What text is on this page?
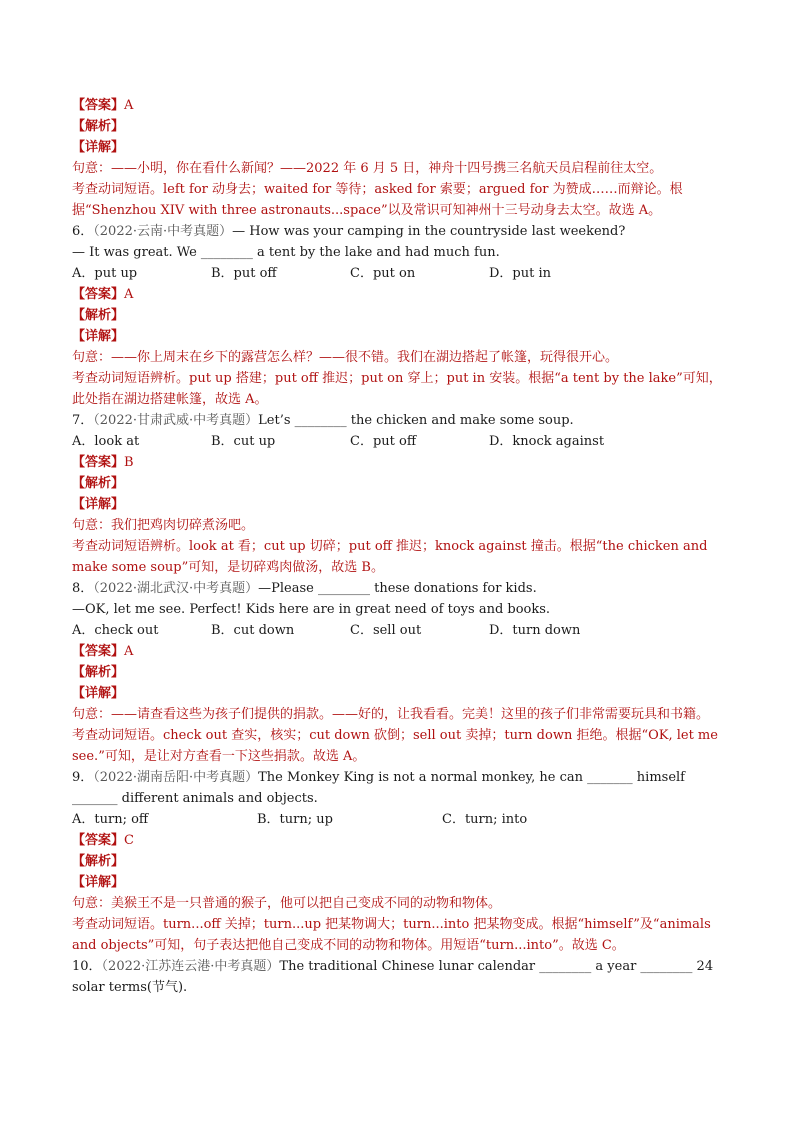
【答案】A
【解析】
【详解】
句意：——小明，你在看什么新闻？——2022 年 6 月 5 日，神舟十四号携三名航天员启程前往太空。
考查动词短语。left for 动身去；waited for 等待；asked for 索要；argued for 为赞成……而辩论。根据“Shenzhou XIV with three astronauts...space”以及常识可知神州十三号动身去太空。故选 A。
6．（2022·云南·中考真题）— How was your camping in the countryside last weekend?
— It was great. We ________ a tent by the lake and had much fun.
A．put up	B．put off	C．put on	D．put in
【答案】A
【解析】
【详解】
句意：——你上周末在乡下的露营怎么样？——很不错。我们在湖边搭起了帐篷，玩得很开心。
考查动词短语辨析。put up 搭建；put off 推迟；put on 穿上；put in 安装。根据“a tent by the lake”可知，此处指在湖边搭建帐篷，故选 A。
7．（2022·甘肃武威·中考真题）Let’s ________ the chicken and make some soup.
A．look at	B．cut up	C．put off	D．knock against
【答案】B
【解析】
【详解】
句意：我们把鸡肉切碎煮汤吧。
考查动词短语辨析。look at 看；cut up 切碎；put off 推迟；knock against 撞击。根据“the chicken and make some soup”可知，是切碎鸡肉做汤，故选 B。
8．（2022·湖北武汉·中考真题）—Please ________ these donations for kids.
—OK, let me see. Perfect! Kids here are in great need of toys and books.
A．check out	B．cut down	C．sell out	D．turn down
【答案】A
【解析】
【详解】
句意：——请查看这些为孩子们提供的捐款。——好的，让我看看。完美！这里的孩子们非常需要玩具和书籍。
考查动词短语。check out 查实，核实；cut down 砍倒；sell out 卖掉；turn down 拒绝。根据“OK, let me see.”可知，是让对方查看一下这些捐款。故选 A。
9．（2022·湖南岳阳·中考真题）The Monkey King is not a normal monkey, he can _______ himself _______ different animals and objects.
A．turn; off	B．turn; up	C．turn; into
【答案】C
【解析】
【详解】
句意：美猴王不是一只普通的猴子，他可以把自己变成不同的动物和物体。
考查动词短语。turn...off 关掉；turn...up 把某物调大；turn...into 把某物变成。根据“himself”及“animals and objects”可知，句子表达把他自己变成不同的动物和物体。用短语“turn...into”。故选 C。
10．（2022·江苏连云港·中考真题）The traditional Chinese lunar calendar ________ a year ________ 24 solar terms(节气).
